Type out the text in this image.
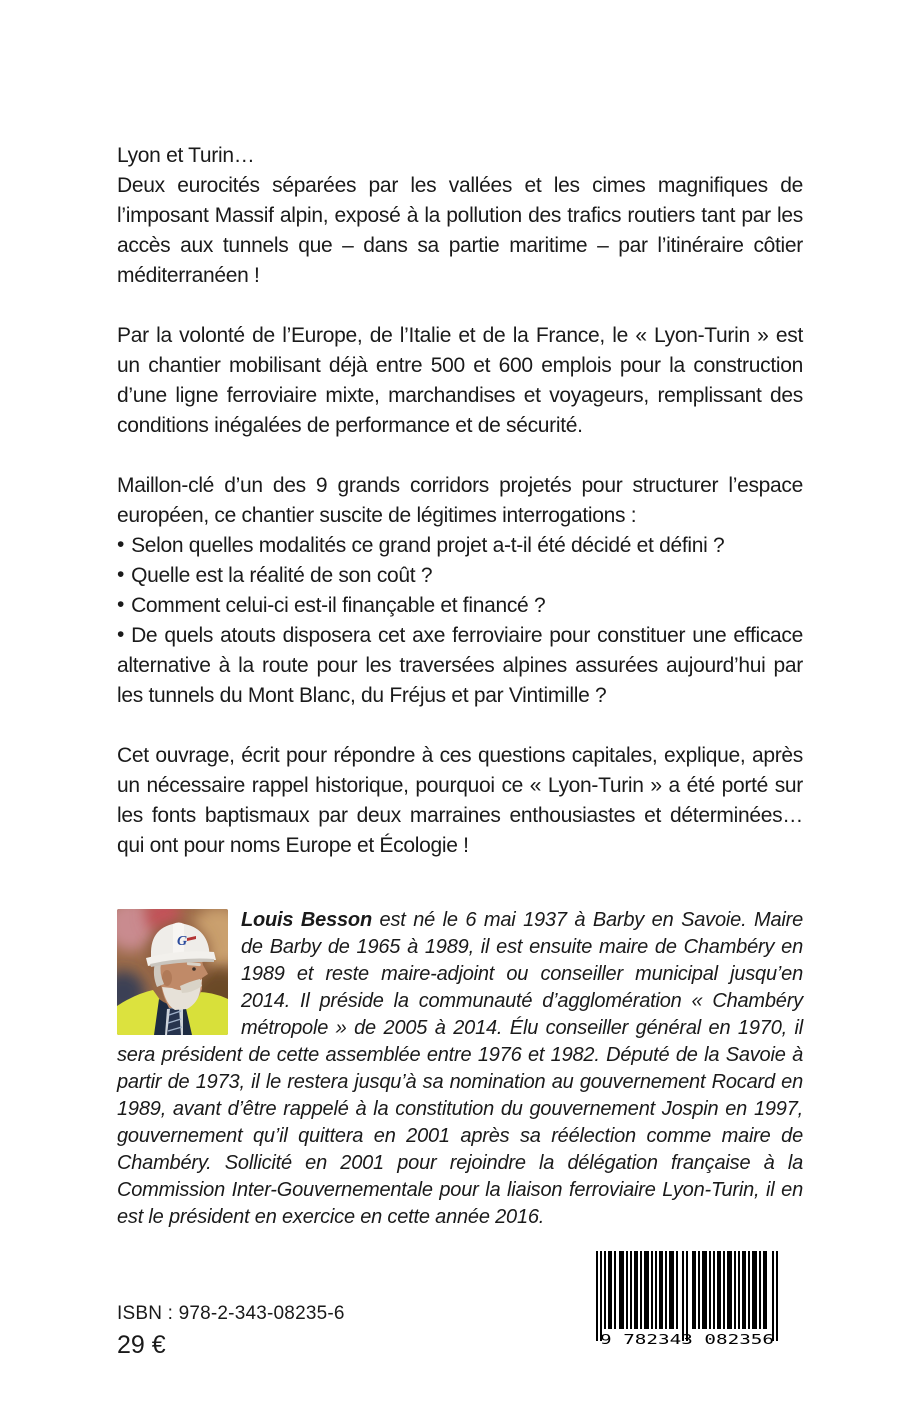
Lyon et Turin…
Deux eurocités séparées par les vallées et les cimes magnifiques de l’imposant Massif alpin, exposé à la pollution des trafics routiers tant par les accès aux tunnels que – dans sa partie maritime – par l’itinéraire côtier méditerranéen !

Par la volonté de l’Europe, de l’Italie et de la France, le « Lyon-Turin » est un chantier mobilisant déjà entre 500 et 600 emplois pour la construction d’une ligne ferroviaire mixte, marchandises et voyageurs, remplissant des conditions inégalées de performance et de sécurité.

Maillon-clé d’un des 9 grands corridors projetés pour structurer l’espace européen, ce chantier suscite de légitimes interrogations :

• Selon quelles modalités ce grand projet a-t-il été décidé et défini ?

• Quelle est la réalité de son coût ?

• Comment celui-ci est-il finançable et financé ?

• De quels atouts disposera cet axe ferroviaire pour constituer une efficace alternative à la route pour les traversées alpines assurées aujourd’hui par les tunnels du Mont Blanc, du Fréjus et par Vintimille ?

Cet ouvrage, écrit pour répondre à ces questions capitales, explique, après un nécessaire rappel historique, pourquoi ce « Lyon-Turin » a été porté sur les fonts baptismaux par deux marraines enthousiastes et déterminées… qui ont pour noms Europe et Écologie !

G

Louis Besson est né le 6 mai 1937 à Barby en Savoie. Maire de Barby de 1965 à 1989, il est ensuite maire de Chambéry en 1989 et reste maire-adjoint ou conseiller municipal jusqu’en 2014. Il préside la communauté d’agglomération « Chambéry métropole » de 2005 à 2014. Élu conseiller général en 1970, il sera président de cette assemblée entre 1976 et 1982. Député de la Savoie à partir de 1973, il le restera jusqu’à sa nomination au gouvernement Rocard en 1989, avant d’être rappelé à la constitution du gouvernement Jospin en 1997, gouvernement qu’il quittera en 2001 après sa réélection comme maire de Chambéry. Sollicité en 2001 pour rejoindre la délégation française à la Commission Inter-Gouvernementale pour la liaison ferroviaire Lyon-Turin, il en est le président en exercice en cette année 2016.

ISBN : 978-2-343-08235-6
29 €	9 782343 082356
